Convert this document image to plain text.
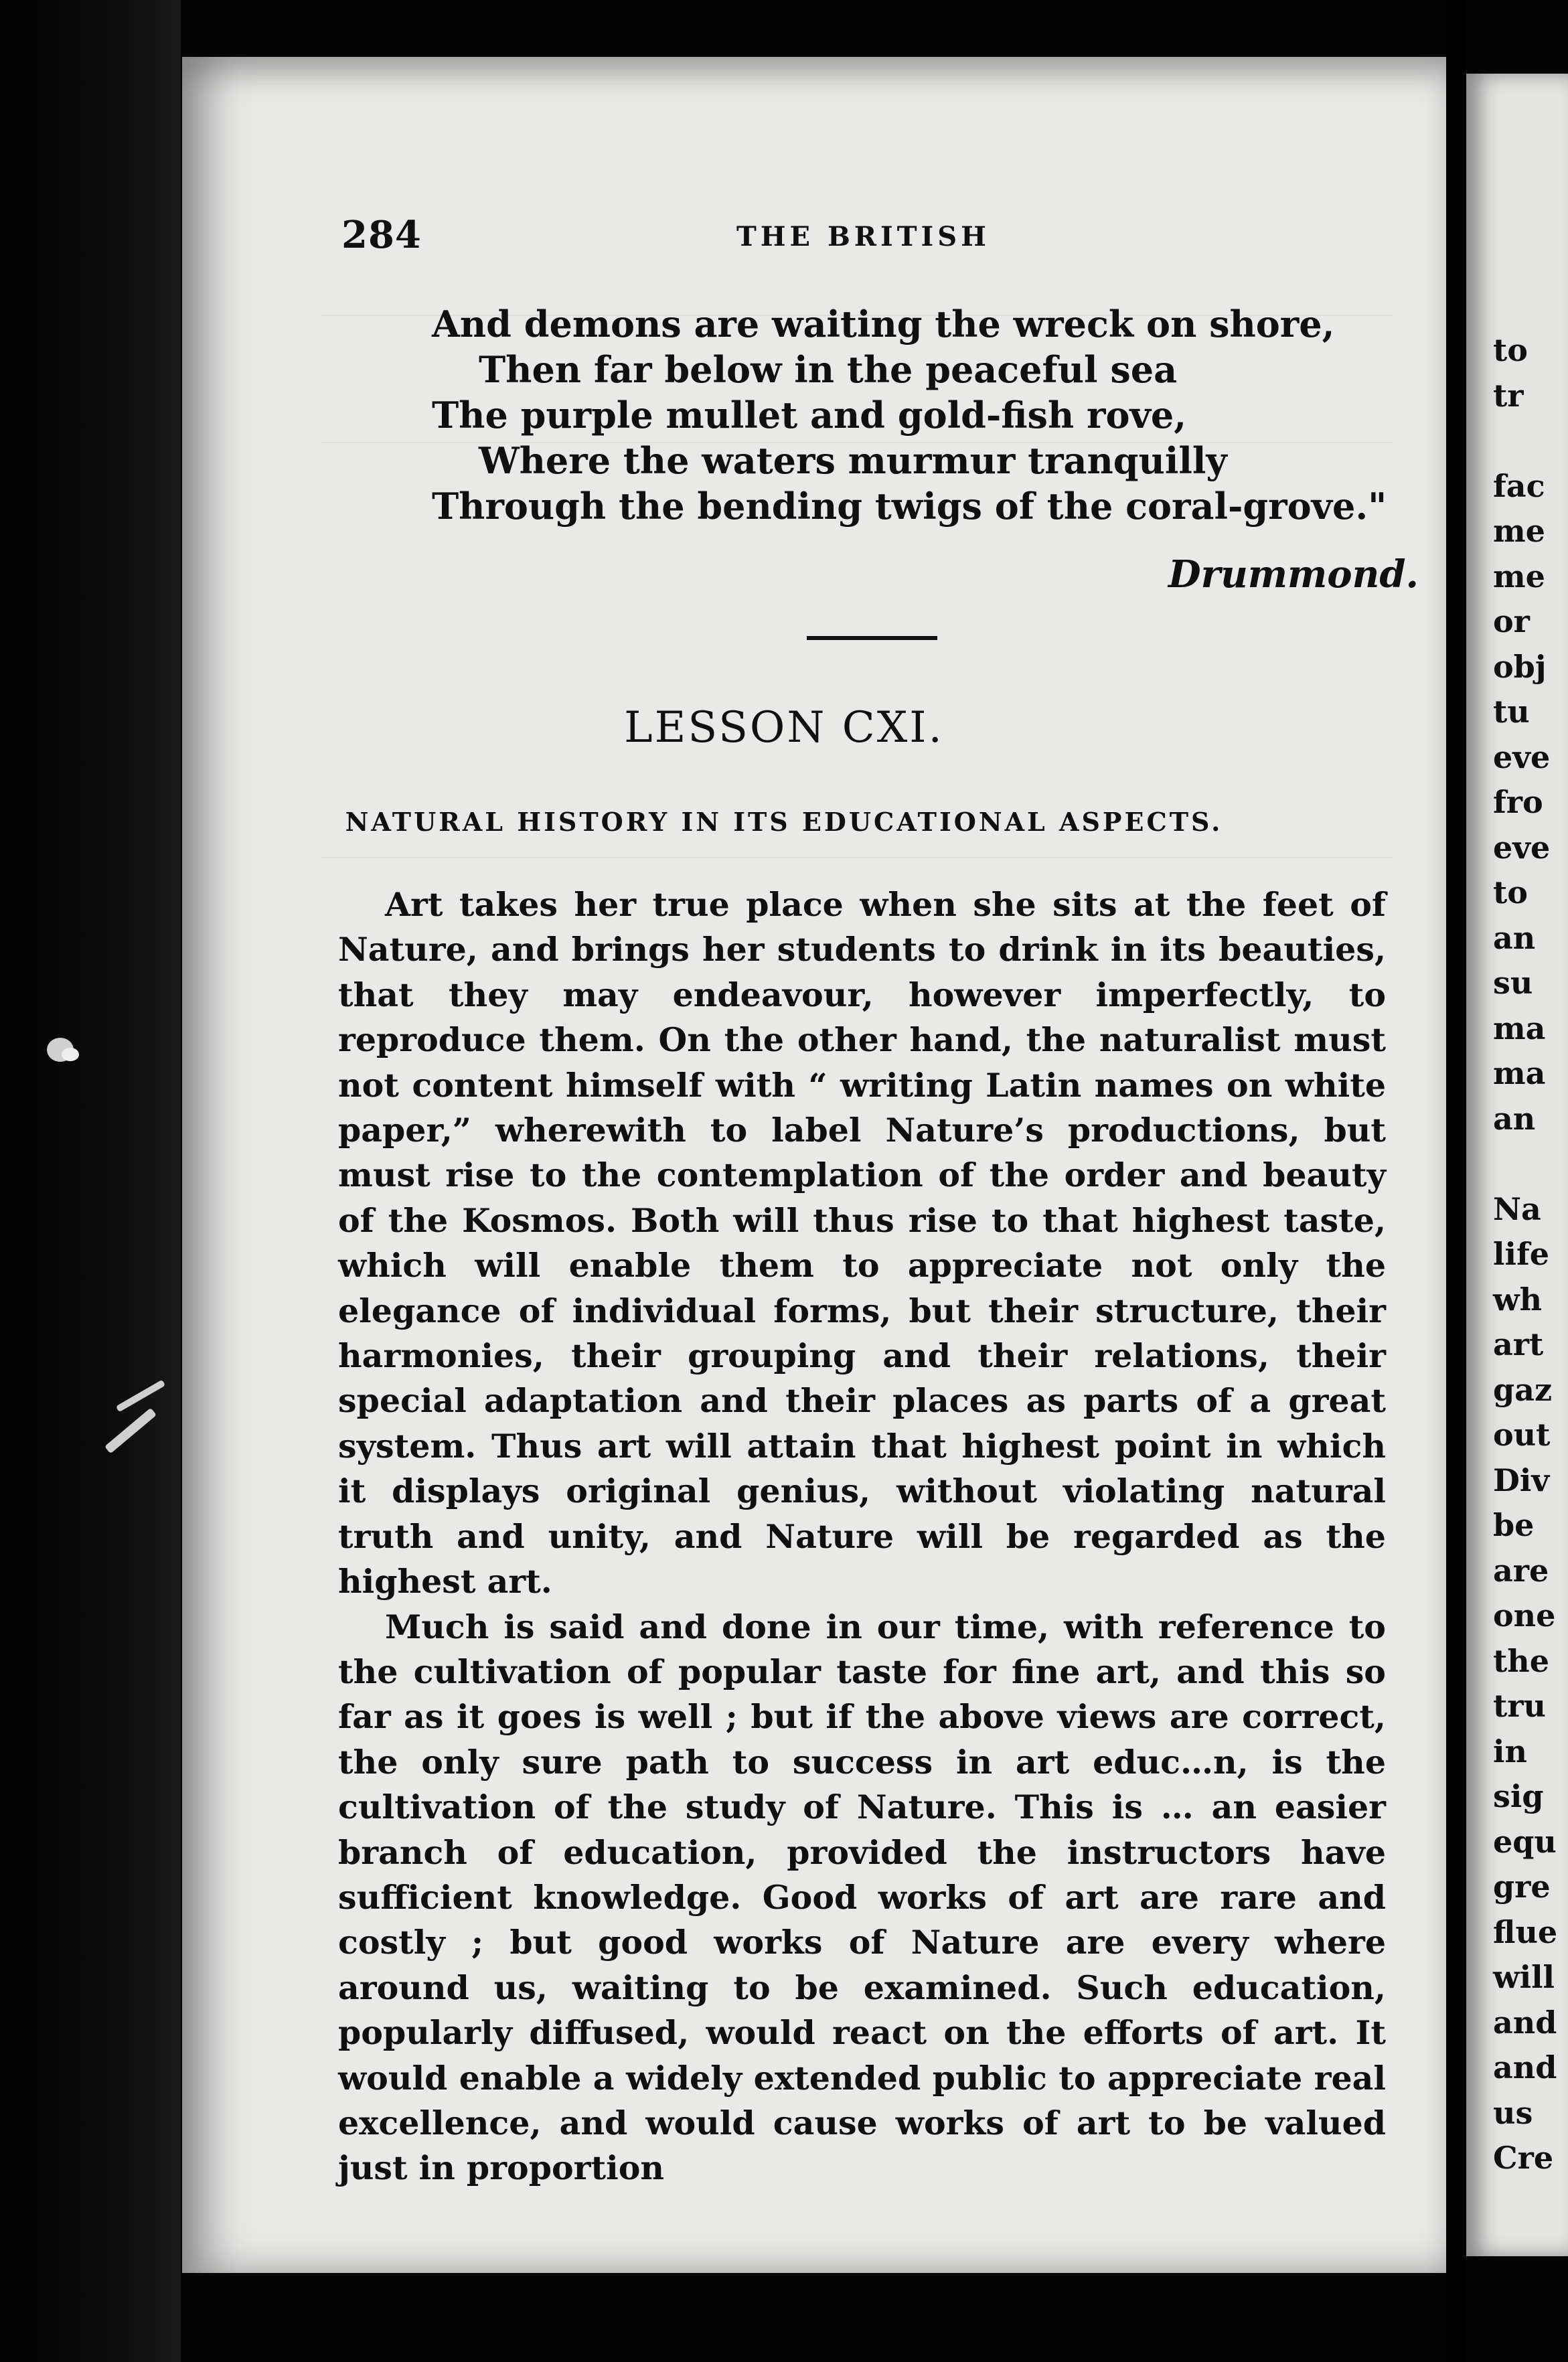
284	THE BRITISH
And demons are waiting the wreck on shore,
Then far below in the peaceful sea
The purple mullet and gold-fish rove,
Where the waters murmur tranquilly
Through the bending twigs of the coral-grove."
Drummond.
LESSON CXI.
NATURAL HISTORY IN ITS EDUCATIONAL ASPECTS.

Art takes her true place when she sits at the feet of Nature, and brings her students to drink in its beauties, that they may endeavour, however imperfectly, to reproduce them. On the other hand, the naturalist must not content himself with “ writing Latin names on white paper,” wherewith to label Nature’s productions, but must rise to the contemplation of the order and beauty of the Kosmos. Both will thus rise to that highest taste, which will enable them to appreciate not only the elegance of individual forms, but their structure, their harmonies, their grouping and their relations, their special adaptation and their places as parts of a great system. Thus art will attain that highest point in which it displays original genius, without violating natural truth and unity, and Nature will be regarded as the highest art.

Much is said and done in our time, with reference to the cultivation of popular taste for fine art, and this so far as it goes is well ; but if the above views are correct, the only sure path to success in art educ…n, is the cultivation of the study of Nature. This is … an easier branch of education, provided the instructors have sufficient knowledge. Good works of art are rare and costly ; but good works of Nature are every where around us, waiting to be examined. Such education, popularly diffused, would react on the efforts of art. It would enable a widely extended public to appreciate real excellence, and would cause works of art to be valued just in proportion

to
tr
fac
me
me
or
obj
tu
eve
fro
eve
to
an
su
ma
ma
an
Na
life
wh
art
gaz
out
Div
be
are
one
the
tru
in
sig
equ
gre
flue
will
and
and
us
Cre
